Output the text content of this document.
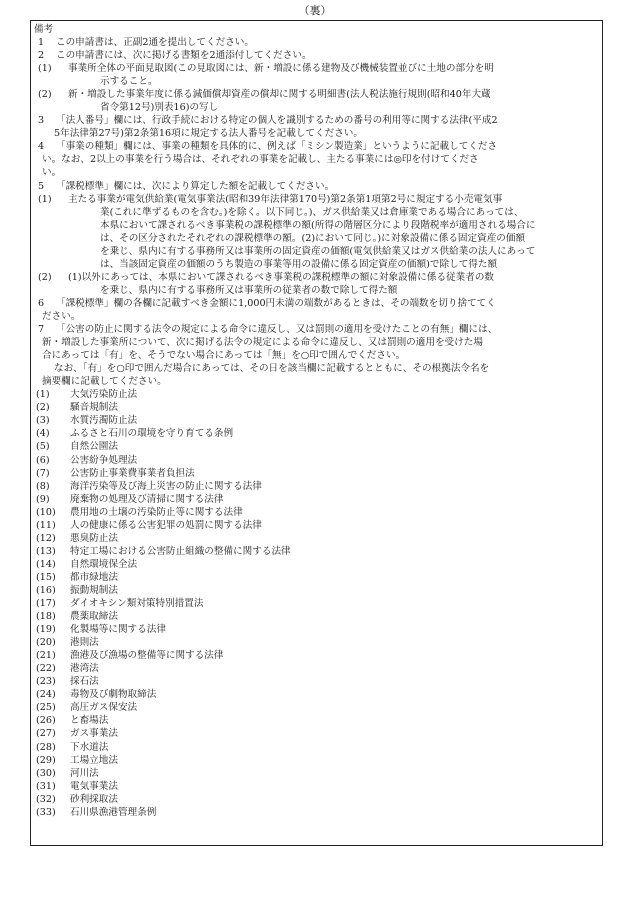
（裏）
備考
1 この申請書は、正副2通を提出してください。
2 この申請書には、次に掲げる書類を2通添付してください。
(1) 事業所全体の平面見取図(この見取図には、新・増設に係る建物及び機械装置並びに土地の部分を明
示すること。
(2) 新・増設した事業年度に係る減価償却資産の償却に関する明細書(法人税法施行規則(昭和40年大蔵
省令第12号)別表16)の写し
3 「法人番号」欄には、行政手続における特定の個人を識別するための番号の利用等に関する法律(平成2
5年法律第27号)第2条第16項に規定する法人番号を記載してください。
4 「事業の種類」欄には、事業の種類を具体的に、例えば「ミシン製造業」というように記載してくださ
い。なお、2以上の事業を行う場合は、それぞれの事業を記載し、主たる事業には◎印を付けてくださ
い。
5 「課税標準」欄には、次により算定した額を記載してください。
(1) 主たる事業が電気供給業(電気事業法(昭和39年法律第170号)第2条第1項第2号に規定する小売電気事
業(これに準ずるものを含む。)を除く。以下同じ。)、ガス供給業又は倉庫業である場合にあっては、
本県において課されるべき事業税の課税標準の額(所得の階層区分により段階税率が適用される場合に
は、その区分されたそれぞれの課税標準の額。(2)において同じ。)に対象設備に係る固定資産の価額
を乗じ、県内に有する事務所又は事業所の固定資産の価額(電気供給業又はガス供給業の法人にあって
は、当該固定資産の価額のうち製造の事業等用の設備に係る固定資産の価額)で除して得た額
(2) (1)以外にあっては、本県において課されるべき事業税の課税標準の額に対象設備に係る従業者の数
を乗じ、県内に有する事務所又は事業所の従業者の数で除して得た額
6 「課税標準」欄の各欄に記載すべき金額に1,000円未満の端数があるときは、その端数を切り捨ててく
ださい。
7 「公害の防止に関する法令の規定による命令に違反し、又は罰則の適用を受けたことの有無」欄には、
新・増設した事業所について、次に掲げる法令の規定による命令に違反し、又は罰則の適用を受けた場
合にあっては「有」を、そうでない場合にあっては「無」を○印で囲んでください。
なお、「有」を○印で囲んだ場合にあっては、その日を該当欄に記載するとともに、その根拠法令名を
摘要欄に記載してください。
(1) 大気汚染防止法
(2) 騒音規制法
(3) 水質汚濁防止法
(4) ふるさと石川の環境を守り育てる条例
(5) 自然公園法
(6) 公害紛争処理法
(7) 公害防止事業費事業者負担法
(8) 海洋汚染等及び海上災害の防止に関する法律
(9) 廃棄物の処理及び清掃に関する法律
(10) 農用地の土壌の汚染防止等に関する法律
(11) 人の健康に係る公害犯罪の処罰に関する法律
(12) 悪臭防止法
(13) 特定工場における公害防止組織の整備に関する法律
(14) 自然環境保全法
(15) 都市緑地法
(16) 振動規制法
(17) ダイオキシン類対策特別措置法
(18) 農薬取締法
(19) 化製場等に関する法律
(20) 港則法
(21) 漁港及び漁場の整備等に関する法律
(22) 港湾法
(23) 採石法
(24) 毒物及び劇物取締法
(25) 高圧ガス保安法
(26) と畜場法
(27) ガス事業法
(28) 下水道法
(29) 工場立地法
(30) 河川法
(31) 電気事業法
(32) 砂利採取法
(33) 石川県漁港管理条例
